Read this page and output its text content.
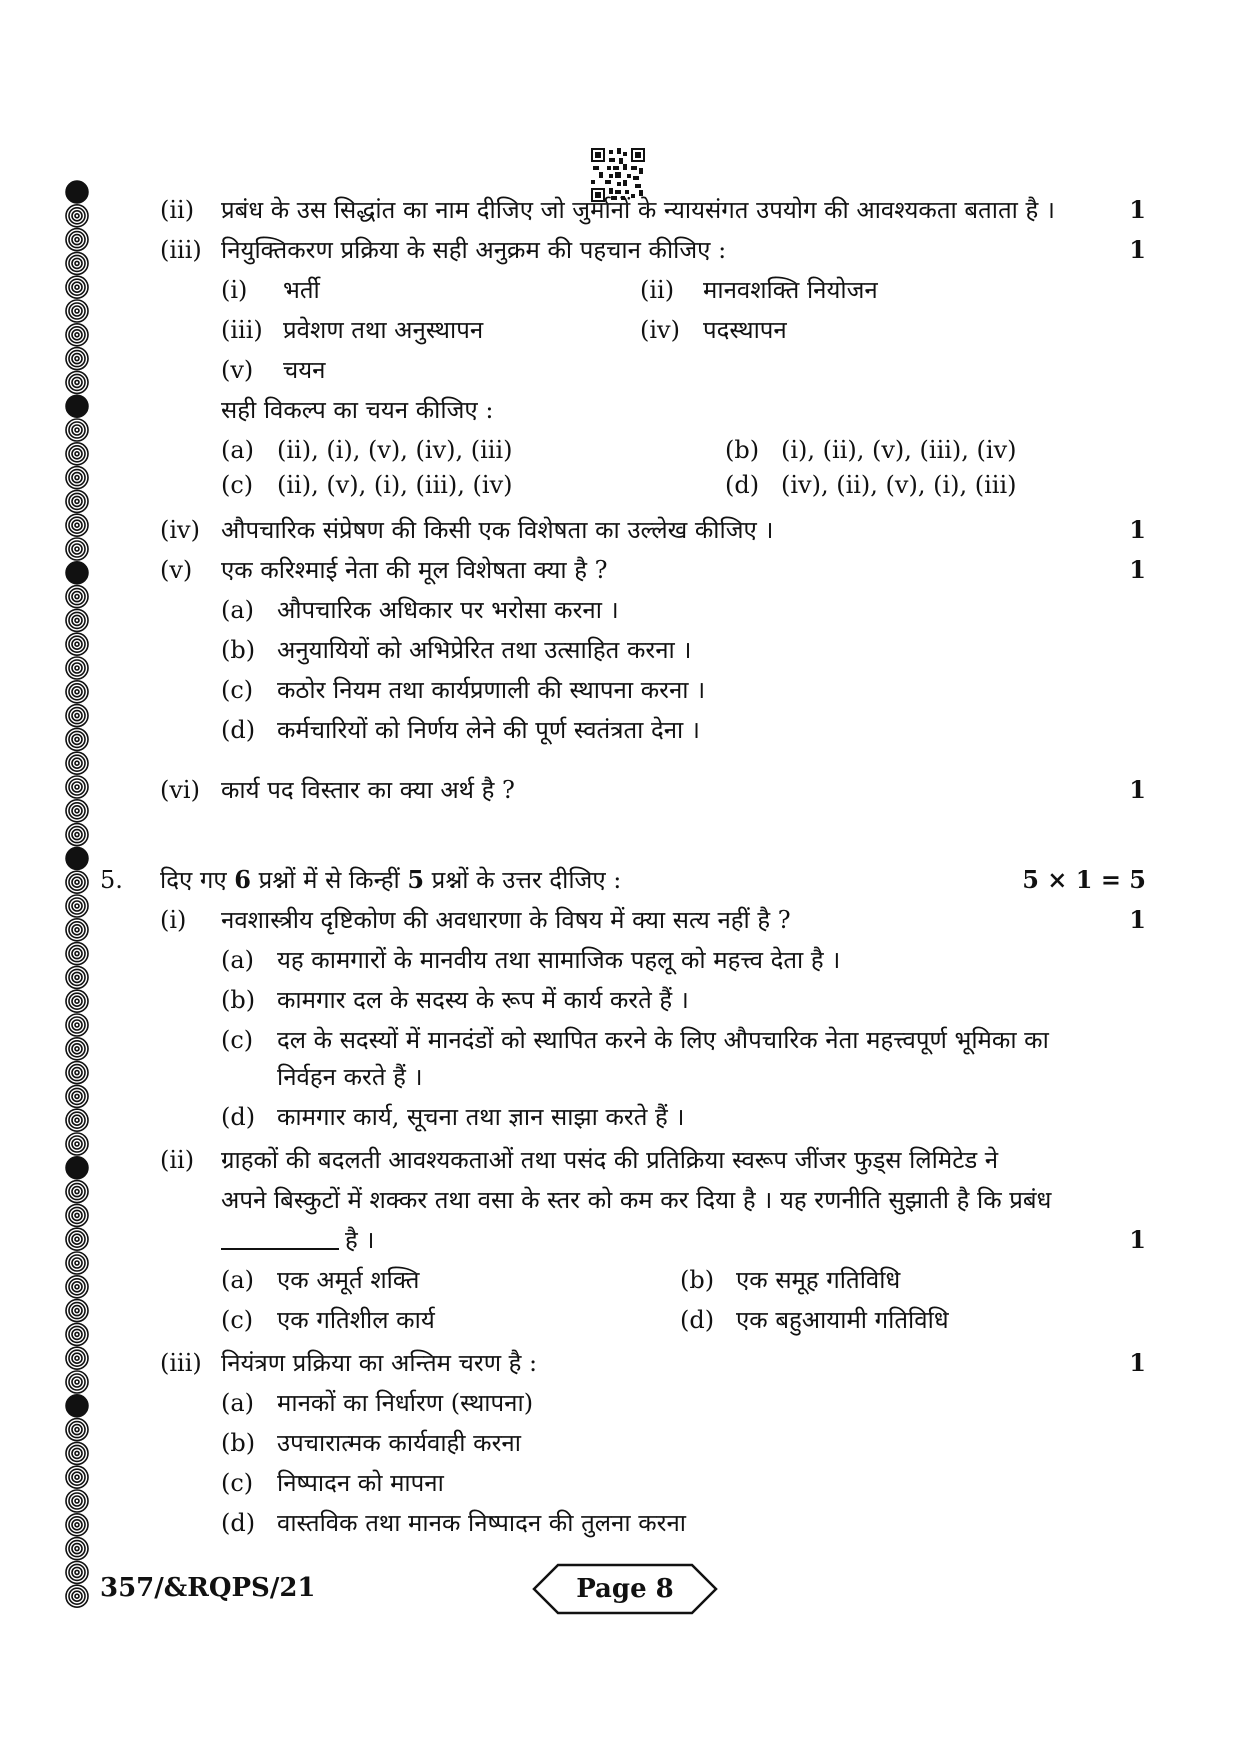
(ii) प्रबंध के उस सिद्धांत का नाम दीजिए जो जुर्मानों के न्यायसंगत उपयोग की आवश्यकता बताता है ।	1
(iii) नियुक्तिकरण प्रक्रिया के सही अनुक्रम की पहचान कीजिए :	1
(i) भर्ती	(ii) मानवशक्ति नियोजन
(iii) प्रवेशण तथा अनुस्थापन	(iv) पदस्थापन
(v) चयन
सही विकल्प का चयन कीजिए :
(a) (ii), (i), (v), (iv), (iii)	(b) (i), (ii), (v), (iii), (iv)
(c) (ii), (v), (i), (iii), (iv)	(d) (iv), (ii), (v), (i), (iii)
(iv) औपचारिक संप्रेषण की किसी एक विशेषता का उल्लेख कीजिए ।	1
(v) एक करिश्माई नेता की मूल विशेषता क्या है ?	1
(a) औपचारिक अधिकार पर भरोसा करना ।
(b) अनुयायियों को अभिप्रेरित तथा उत्साहित करना ।
(c) कठोर नियम तथा कार्यप्रणाली की स्थापना करना ।
(d) कर्मचारियों को निर्णय लेने की पूर्ण स्वतंत्रता देना ।
(vi) कार्य पद विस्तार का क्या अर्थ है ?	1
5. दिए गए 6 प्रश्नों में से किन्हीं 5 प्रश्नों के उत्तर दीजिए :	5 × 1 = 5
(i) नवशास्त्रीय दृष्टिकोण की अवधारणा के विषय में क्या सत्य नहीं है ?	1
(a) यह कामगारों के मानवीय तथा सामाजिक पहलू को महत्त्व देता है ।
(b) कामगार दल के सदस्य के रूप में कार्य करते हैं ।
(c) दल के सदस्यों में मानदंडों को स्थापित करने के लिए औपचारिक नेता महत्त्वपूर्ण भूमिका का
निर्वहन करते हैं ।
(d) कामगार कार्य, सूचना तथा ज्ञान साझा करते हैं ।
(ii) ग्राहकों की बदलती आवश्यकताओं तथा पसंद की प्रतिक्रिया स्वरूप जींजर फुड्स लिमिटेड ने
अपने बिस्कुटों में शक्कर तथा वसा के स्तर को कम कर दिया है । यह रणनीति सुझाती है कि प्रबंध
है ।	1
(a) एक अमूर्त शक्ति	(b) एक समूह गतिविधि
(c) एक गतिशील कार्य	(d) एक बहुआयामी गतिविधि
(iii) नियंत्रण प्रक्रिया का अन्तिम चरण है :	1
(a) मानकों का निर्धारण (स्थापना)
(b) उपचारात्मक कार्यवाही करना
(c) निष्पादन को मापना
(d) वास्तविक तथा मानक निष्पादन की तुलना करना
357/&RQPS/21	Page 8
